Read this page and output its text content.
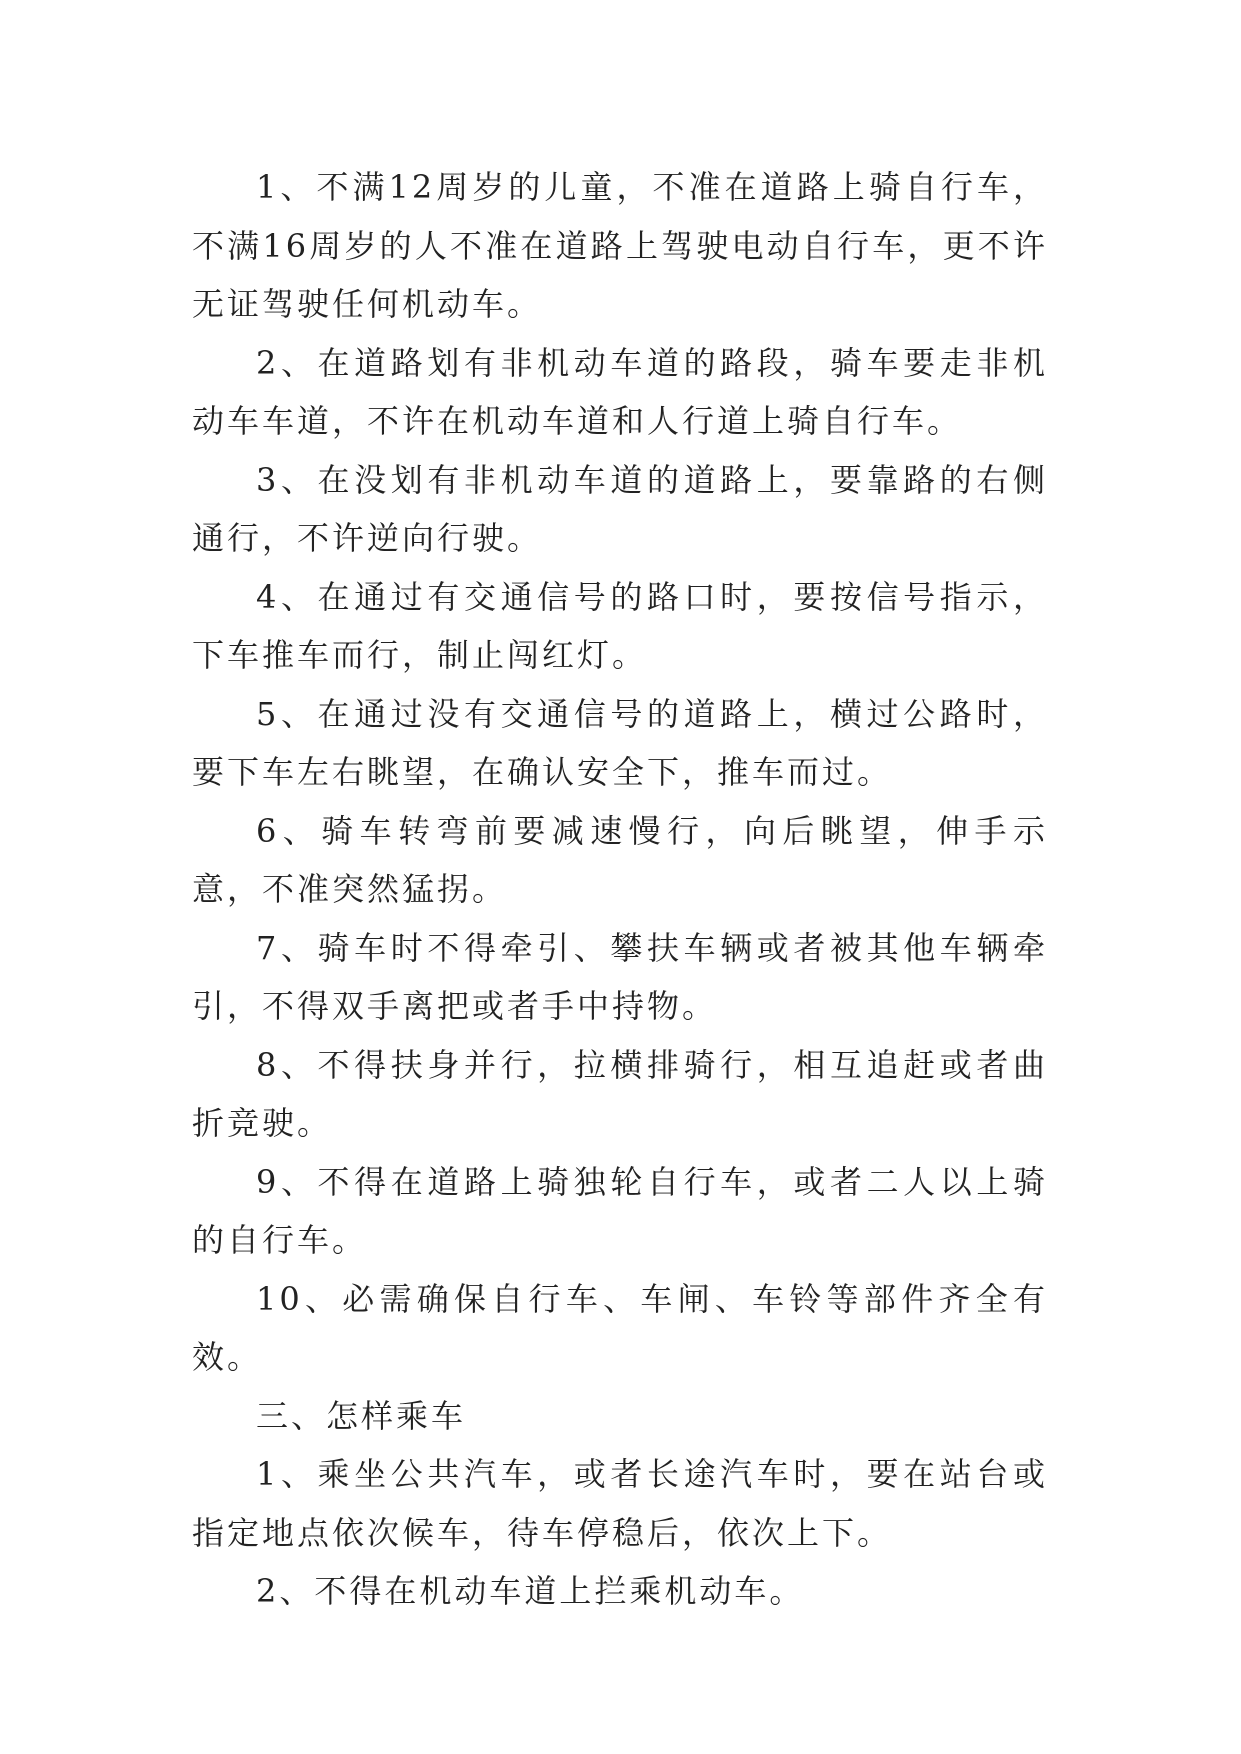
1、不满12周岁的儿童，不准在道路上骑自行车，不满16周岁的人不准在道路上驾驶电动自行车，更不许无证驾驶任何机动车。

2、在道路划有非机动车道的路段，骑车要走非机动车车道，不许在机动车道和人行道上骑自行车。

3、在没划有非机动车道的道路上，要靠路的右侧通行，不许逆向行驶。

4、在通过有交通信号的路口时，要按信号指示，下车推车而行，制止闯红灯。

5、在通过没有交通信号的道路上，横过公路时，要下车左右眺望，在确认安全下，推车而过。

6、骑车转弯前要减速慢行，向后眺望，伸手示意，不准突然猛拐。

7、骑车时不得牵引、攀扶车辆或者被其他车辆牵引，不得双手离把或者手中持物。

8、不得扶身并行，拉横排骑行，相互追赶或者曲折竞驶。

9、不得在道路上骑独轮自行车，或者二人以上骑的自行车。

10、必需确保自行车、车闸、车铃等部件齐全有效。

三、怎样乘车

1、乘坐公共汽车，或者长途汽车时，要在站台或指定地点依次候车，待车停稳后，依次上下。

2、不得在机动车道上拦乘机动车。
